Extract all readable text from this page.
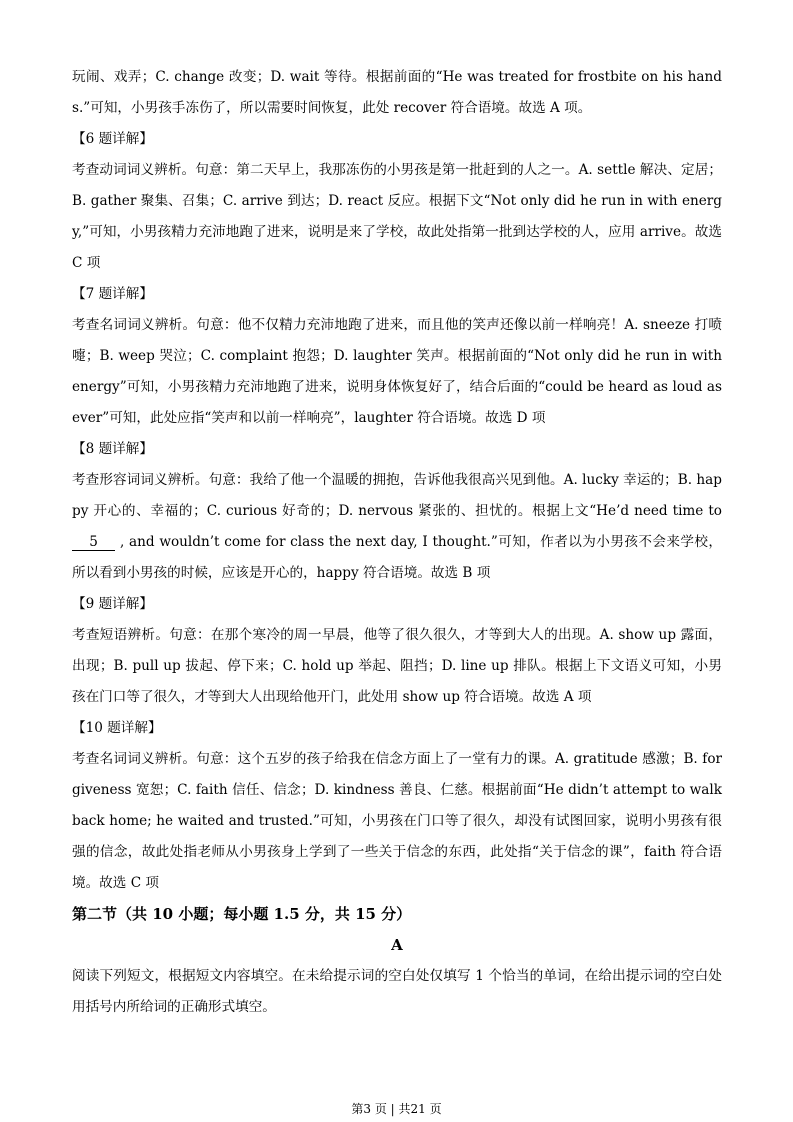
玩闹、戏弄；C. change 改变；D. wait 等待。根据前面的“He was treated for frostbite on his hands.”可知，小男孩手冻伤了，所以需要时间恢复，此处 recover 符合语境。故选 A 项。

【6 题详解】

考查动词词义辨析。句意：第二天早上，我那冻伤的小男孩是第一批赶到的人之一。A. settle 解决、定居；B. gather 聚集、召集；C. arrive 到达；D. react 反应。根据下文“Not only did he run in with energy,”可知，小男孩精力充沛地跑了进来，说明是来了学校，故此处指第一批到达学校的人，应用 arrive。故选 C 项

【7 题详解】

考查名词词义辨析。句意：他不仅精力充沛地跑了进来，而且他的笑声还像以前一样响亮！A. sneeze 打喷嚏；B. weep 哭泣；C. complaint 抱怨；D. laughter 笑声。根据前面的“Not only did he run in with energy”可知，小男孩精力充沛地跑了进来，说明身体恢复好了，结合后面的“could be heard as loud as ever”可知，此处应指“笑声和以前一样响亮”，laughter 符合语境。故选 D 项

【8 题详解】

考查形容词词义辨析。句意：我给了他一个温暖的拥抱，告诉他我很高兴见到他。A. lucky 幸运的；B. happy 开心的、幸福的；C. curious 好奇的；D. nervous 紧张的、担忧的。根据上文“He’d need time to     5     , and wouldn’t come for class the next day, I thought.”可知，作者以为小男孩不会来学校，所以看到小男孩的时候，应该是开心的，happy 符合语境。故选 B 项

【9 题详解】

考查短语辨析。句意：在那个寒冷的周一早晨，他等了很久很久，才等到大人的出现。A. show up 露面，出现；B. pull up 拔起、停下来；C. hold up 举起、阻挡；D. line up 排队。根据上下文语义可知，小男孩在门口等了很久，才等到大人出现给他开门，此处用 show up 符合语境。故选 A 项

【10 题详解】

考查名词词义辨析。句意：这个五岁的孩子给我在信念方面上了一堂有力的课。A. gratitude 感激；B. forgiveness 宽恕；C. faith 信任、信念；D. kindness 善良、仁慈。根据前面“He didn’t attempt to walk back home; he waited and trusted.”可知，小男孩在门口等了很久，却没有试图回家，说明小男孩有很强的信念，故此处指老师从小男孩身上学到了一些关于信念的东西，此处指“关于信念的课”，faith 符合语境。故选 C 项

第二节（共 10 小题；每小题 1.5 分，共 15 分）

A

阅读下列短文，根据短文内容填空。在未给提示词的空白处仅填写 1 个恰当的单词，在给出提示词的空白处用括号内所给词的正确形式填空。

第3 页 | 共21 页
